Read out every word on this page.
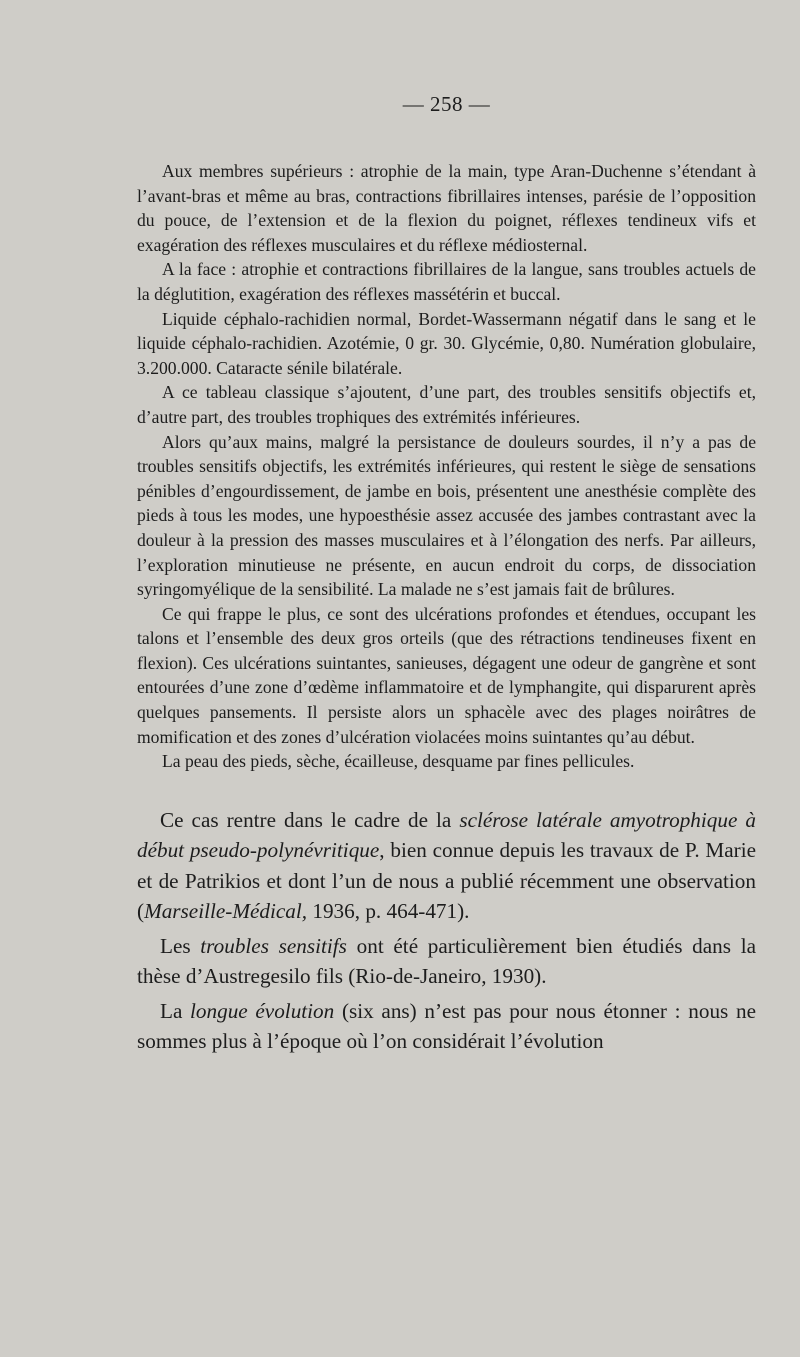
— 258 —

Aux membres supérieurs : atrophie de la main, type Aran-Duchenne s’étendant à l’avant-bras et même au bras, contractions fibrillaires intenses, parésie de l’opposition du pouce, de l’extension et de la flexion du poignet, réflexes tendineux vifs et exagération des réflexes musculaires et du réflexe médiosternal.

A la face : atrophie et contractions fibrillaires de la langue, sans troubles actuels de la déglutition, exagération des réflexes massétérin et buccal.

Liquide céphalo-rachidien normal, Bordet-Wassermann négatif dans le sang et le liquide céphalo-rachidien. Azotémie, 0 gr. 30. Glycémie, 0,80. Numération globulaire, 3.200.000. Cataracte sénile bilatérale.

A ce tableau classique s’ajoutent, d’une part, des troubles sensitifs objectifs et, d’autre part, des troubles trophiques des extrémités inférieures.

Alors qu’aux mains, malgré la persistance de douleurs sourdes, il n’y a pas de troubles sensitifs objectifs, les extrémités inférieures, qui restent le siège de sensations pénibles d’engourdissement, de jambe en bois, présentent une anesthésie complète des pieds à tous les modes, une hypoesthésie assez accusée des jambes contrastant avec la douleur à la pression des masses musculaires et à l’élongation des nerfs. Par ailleurs, l’exploration minutieuse ne présente, en aucun endroit du corps, de dissociation syringomyélique de la sensibilité. La malade ne s’est jamais fait de brûlures.

Ce qui frappe le plus, ce sont des ulcérations profondes et étendues, occupant les talons et l’ensemble des deux gros orteils (que des rétractions tendineuses fixent en flexion). Ces ulcérations suintantes, sanieuses, dégagent une odeur de gangrène et sont entourées d’une zone d’œdème inflammatoire et de lymphangite, qui disparurent après quelques pansements. Il persiste alors un sphacèle avec des plages noirâtres de momification et des zones d’ulcération violacées moins suintantes qu’au début.

La peau des pieds, sèche, écailleuse, desquame par fines pellicules.

Ce cas rentre dans le cadre de la sclérose latérale amyotrophique à début pseudo-polynévritique, bien connue depuis les travaux de P. Marie et de Patrikios et dont l’un de nous a publié récemment une observation (Marseille-Médical, 1936, p. 464-471).

Les troubles sensitifs ont été particulièrement bien étudiés dans la thèse d’Austregesilo fils (Rio-de-Janeiro, 1930).

La longue évolution (six ans) n’est pas pour nous étonner : nous ne sommes plus à l’époque où l’on considérait l’évolution
